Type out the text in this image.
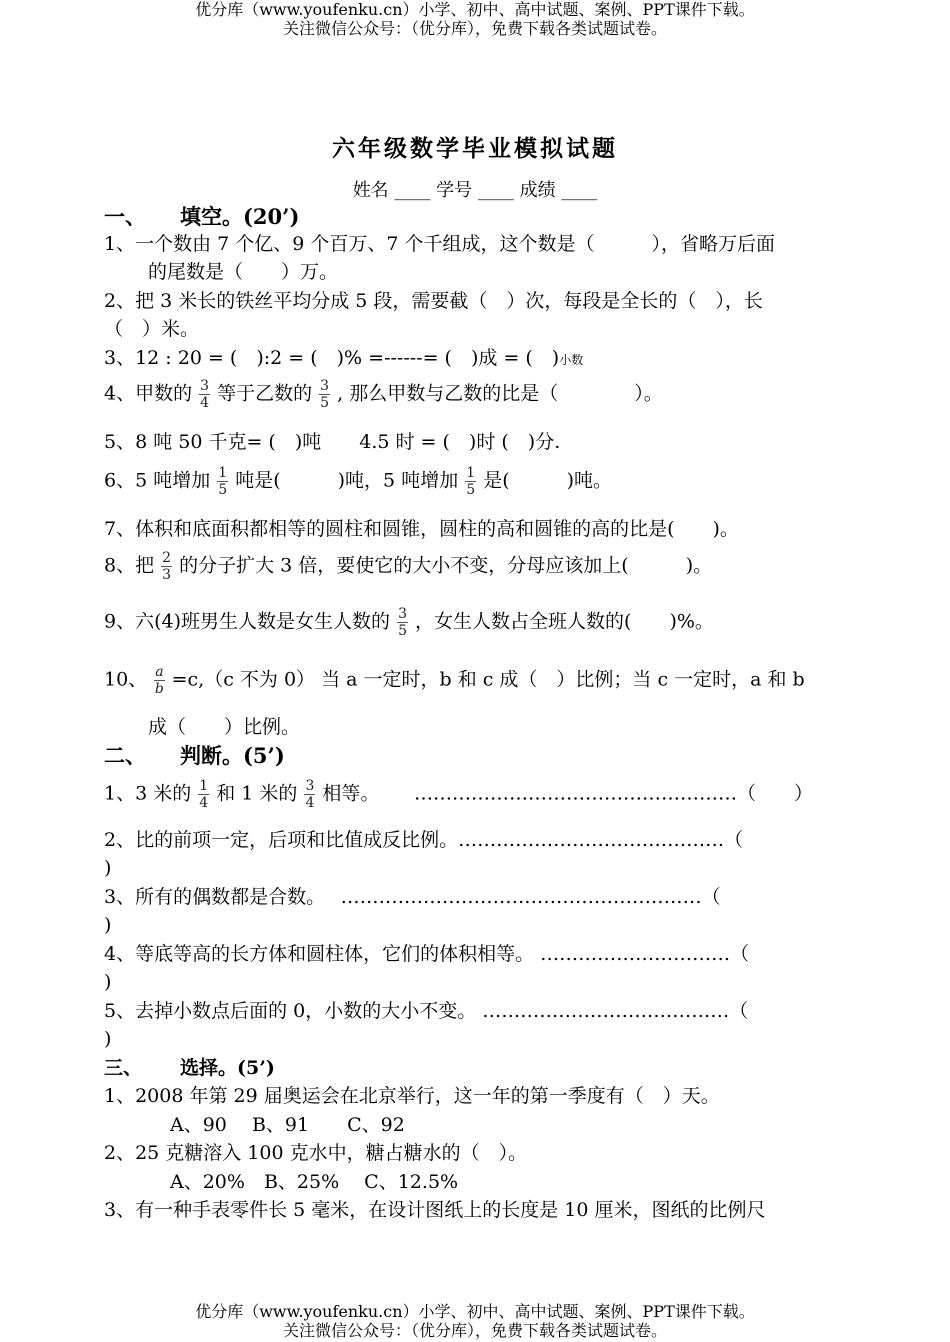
优分库（www.youfenku.cn）小学、初中、高中试题、案例、PPT课件下载。
关注微信公众号：（优分库），免费下载各类试题试卷。
六年级数学毕业模拟试题
姓名 ____ 学号 ____ 成绩 ____
一、 填空。(20’)
1、一个数由 7 个亿、9 个百万、7 个千组成，这个数是（　　　），省略万后面
的尾数是（　　）万。
2、把 3 米长的铁丝平均分成 5 段，需要截（　）次，每段是全长的（　），长
（　）米。
3、12 : 20 = (　):2 = (　)% =------= (　)成 = (　)小数
4、甲数的 $\frac{3}{4}$ 等于乙数的 $\frac{3}{5}$ , 那么甲数与乙数的比是（　　　　）。
5、8 吨 50 千克= (　)吨　　4.5 时 = (　)时 (　)分.
6、5 吨增加 $\frac{1}{5}$ 吨是(　　　)吨，5 吨增加 $\frac{1}{5}$ 是(　　　)吨。
7、体积和底面积都相等的圆柱和圆锥，圆柱的高和圆锥的高的比是(　　)。
8、把 $\frac{2}{3}$ 的分子扩大 3 倍，要使它的大小不变，分母应该加上(　　　)。
9、六(4)班男生人数是女生人数的 $\frac{3}{5}$ ，女生人数占全班人数的(　　)%。
10、 $\frac{a}{b} =c,(c$ 不为 0） 当 a 一定时，b 和 c 成（　）比例；当 c 一定时，a 和 b
成（　　）比例。
二、 判断。(5’)
1、3 米的 $\frac{1}{4}$ 和 1 米的 $\frac{3}{4}$ 相等。　　 ……………………………………………（　　）
2、比的前项一定，后项和比值成反比例。……………………………………（
)
3、所有的偶数都是合数。　 …………………………………………………（
)
4、等底等高的长方体和圆柱体，它们的体积相等。 …………………………（
)
5、去掉小数点后面的 0，小数的大小不变。 …………………………………（
)
三、 选择。(5’)
1、2008 年第 29 届奥运会在北京举行，这一年的第一季度有（　）天。
A、90　 B、91　　C、92
2、25 克糖溶入 100 克水中，糖占糖水的（　）。
A、20%　B、25%　 C、12.5%
3、有一种手表零件长 5 毫米，在设计图纸上的长度是 10 厘米，图纸的比例尺
优分库（www.youfenku.cn）小学、初中、高中试题、案例、PPT课件下载。
关注微信公众号：（优分库），免费下载各类试题试卷。
